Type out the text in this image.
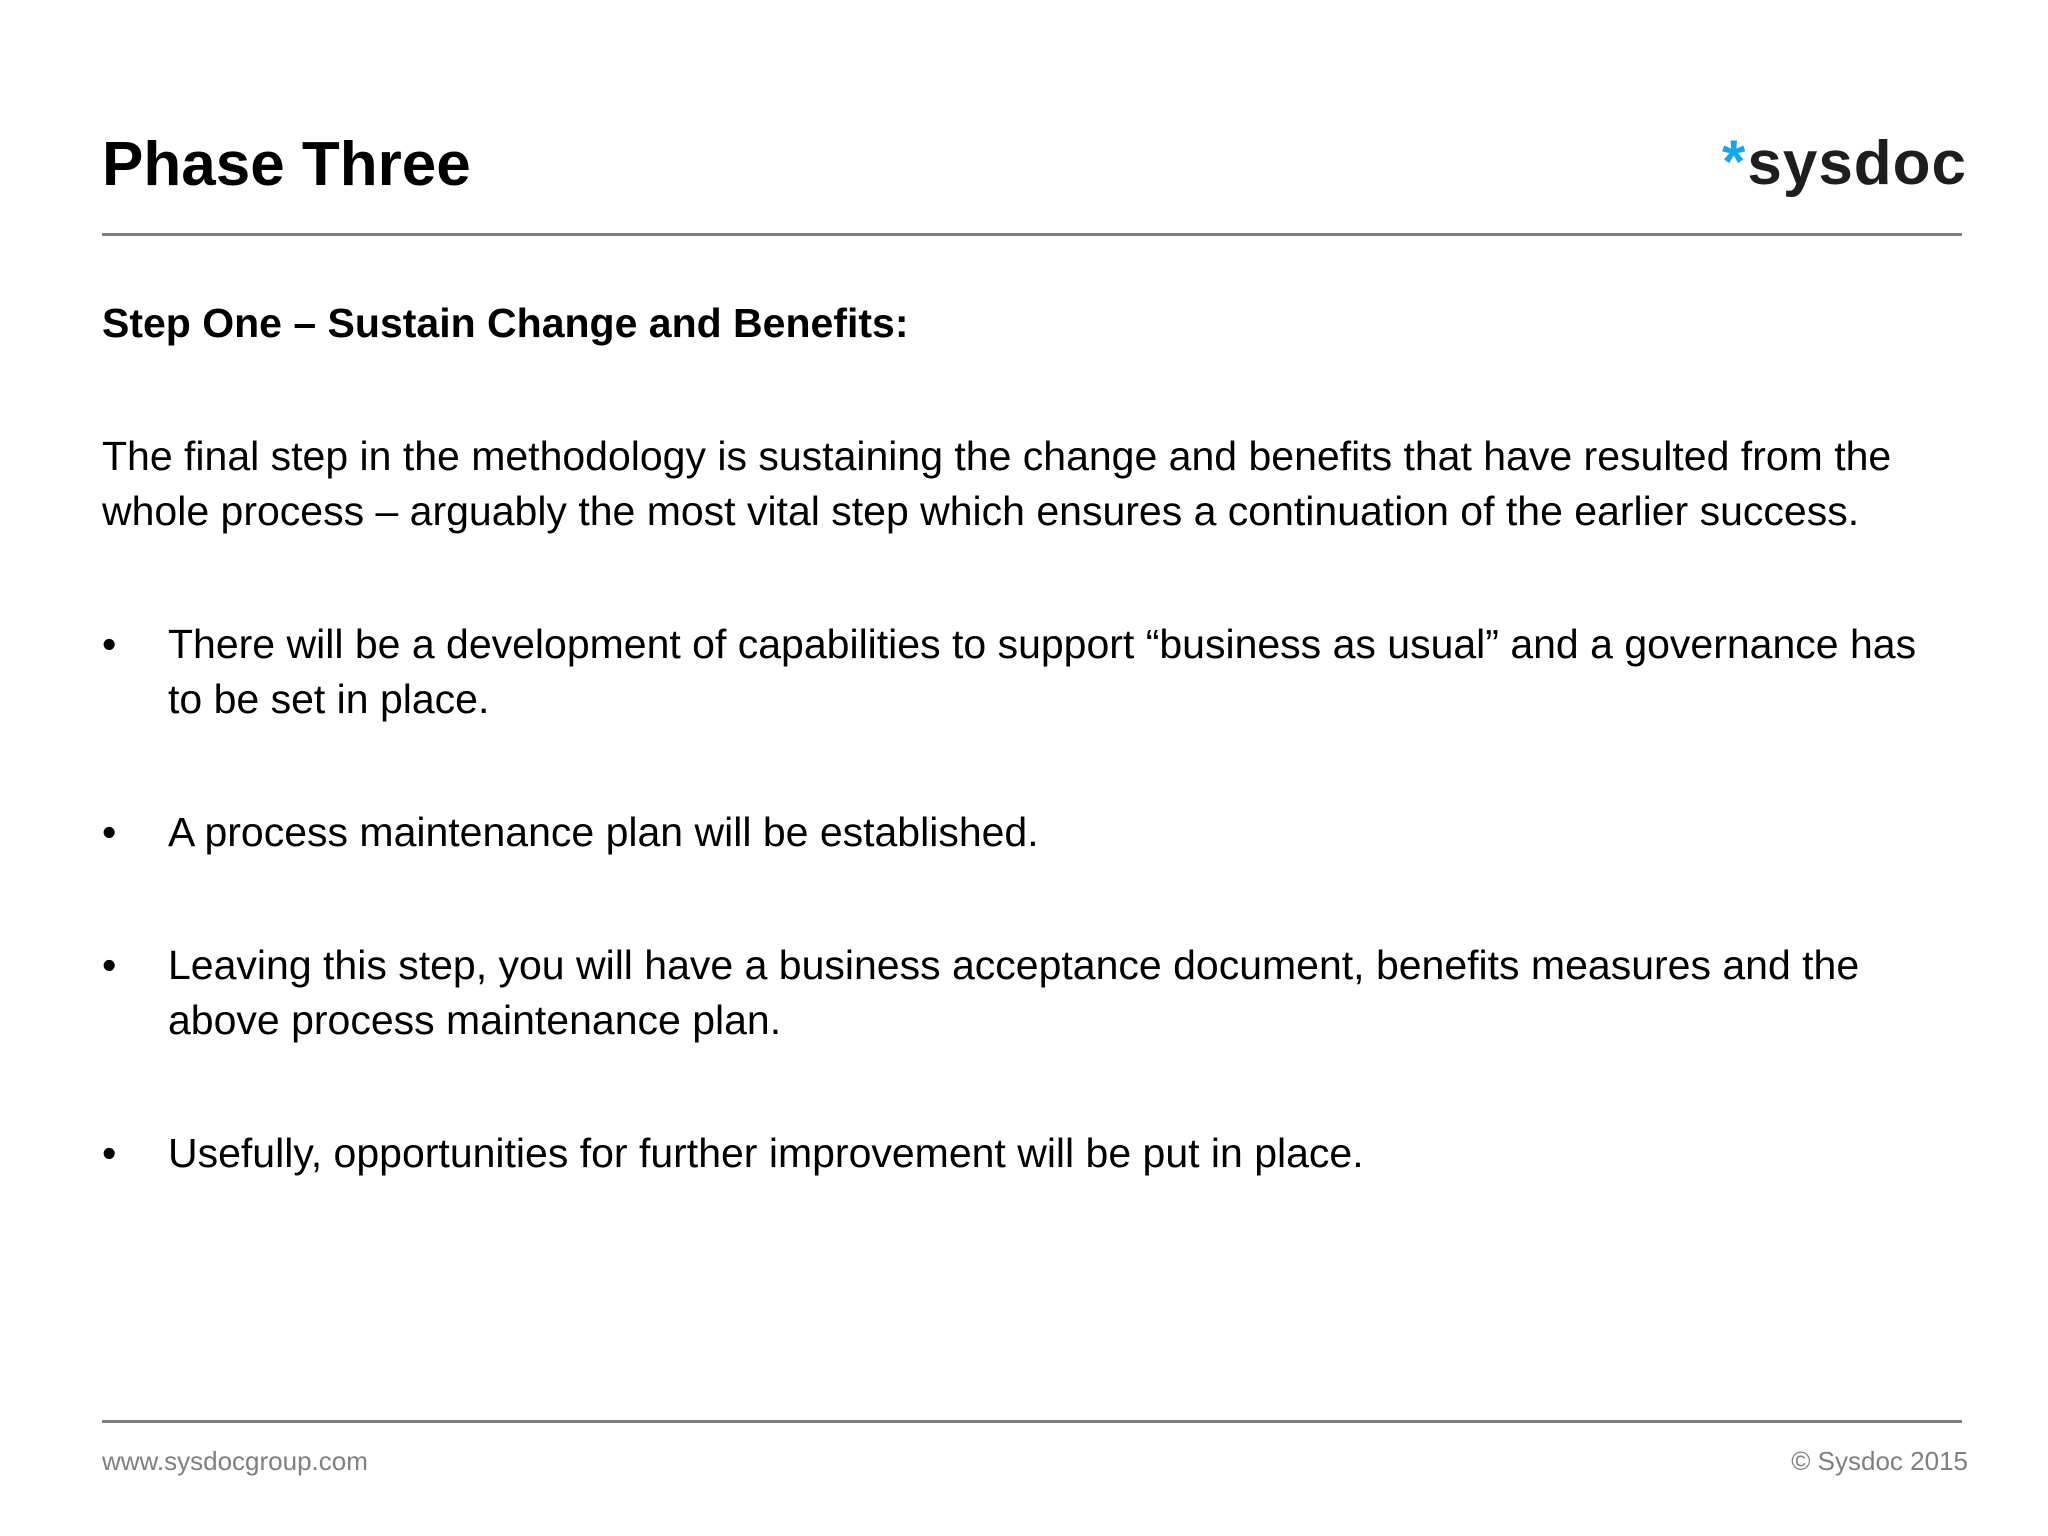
Phase Three	* sysdoc

Step One – Sustain Change and Benefits:

The final step in the methodology is sustaining the change and benefits that have resulted from the whole process – arguably the most vital step which ensures a continuation of the earlier success.

• There will be a development of capabilities to support “business as usual” and a governance has to be set in place.
• A process maintenance plan will be established.
• Leaving this step, you will have a business acceptance document, benefits measures and the above process maintenance plan.
• Usefully, opportunities for further improvement will be put in place.
www.sysdocgroup.com	© Sysdoc 2015
